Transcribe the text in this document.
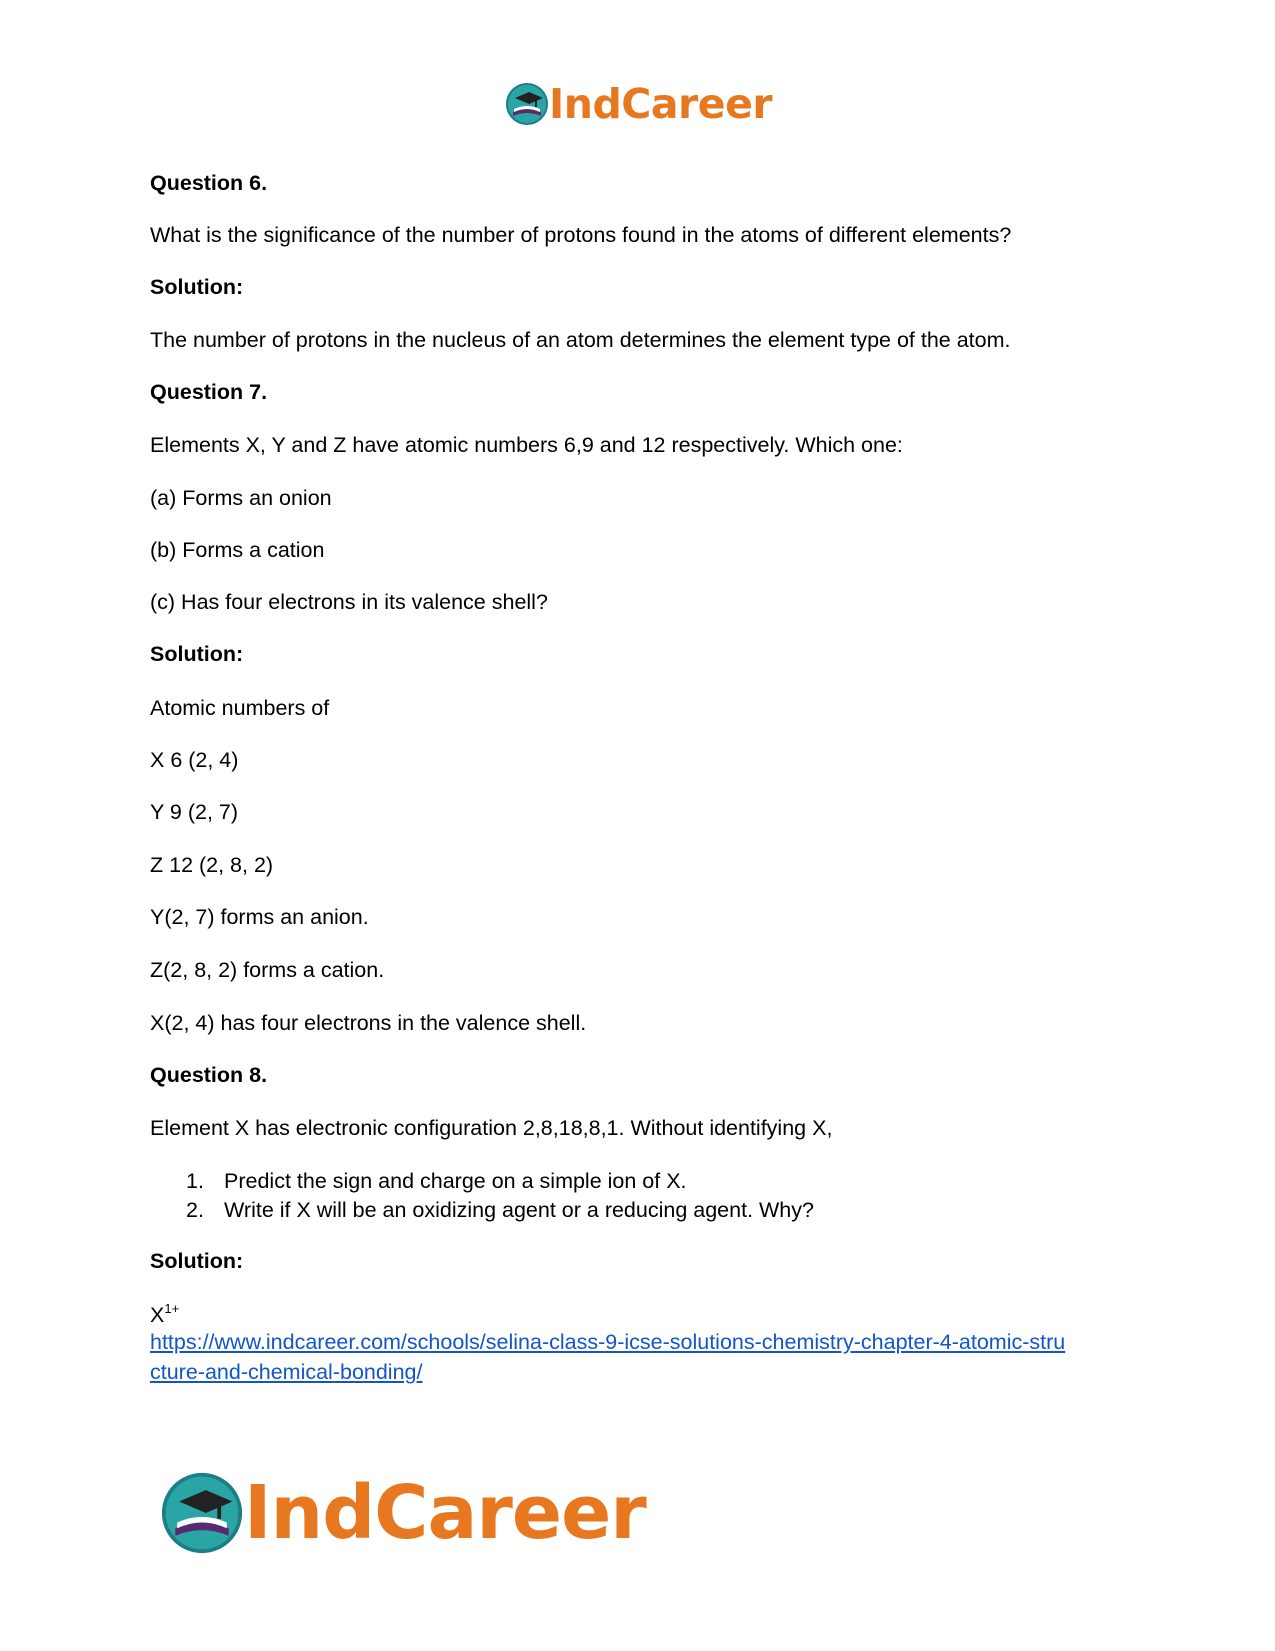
IndCareer
Question 6.
What is the significance of the number of protons found in the atoms of different elements?
Solution:
The number of protons in the nucleus of an atom determines the element type of the atom.
Question 7.
Elements X, Y and Z have atomic numbers 6,9 and 12 respectively. Which one:
(a) Forms an onion
(b) Forms a cation
(c) Has four electrons in its valence shell?
Solution:
Atomic numbers of
X 6 (2, 4)
Y 9 (2, 7)
Z 12 (2, 8, 2)
Y(2, 7) forms an anion.
Z(2, 8, 2) forms a cation.
X(2, 4) has four electrons in the valence shell.
Question 8.
Element X has electronic configuration 2,8,18,8,1. Without identifying X,
1. Predict the sign and charge on a simple ion of X.
2. Write if X will be an oxidizing agent or a reducing agent. Why?
Solution:
$X^{1+}$
https://www.indcareer.com/schools/selina-class-9-icse-solutions-chemistry-chapter-4-atomic-stru
cture-and-chemical-bonding/
IndCareer
